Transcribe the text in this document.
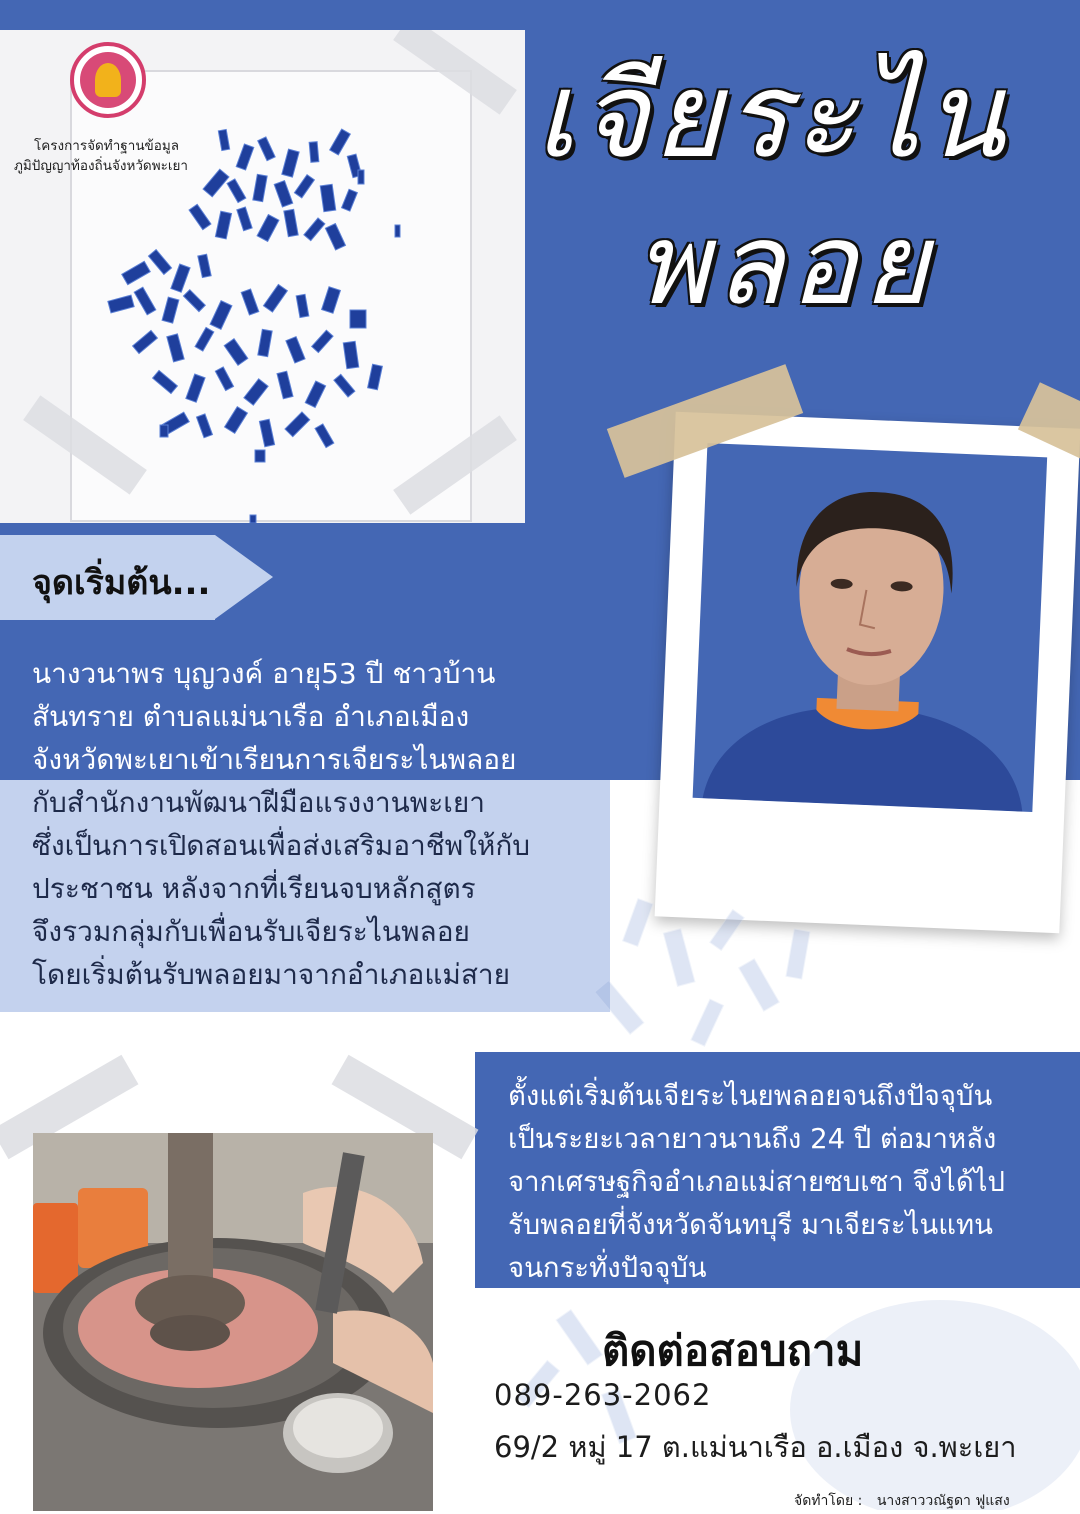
โครงการจัดทำฐานข้อมูล
ภูมิปัญญาท้องถิ่นจังหวัดพะเยา	เจียระไน
พลอย
จุดเริ่มต้น...
นางวนาพร บุญวงค์ อายุ53 ปี ชาวบ้าน
สันทราย ตำบลแม่นาเรือ อำเภอเมือง
จังหวัดพะเยาเข้าเรียนการเจียระไนพลอย
กับสำนักงานพัฒนาฝีมือแรงงานพะเยา
ซึ่งเป็นการเปิดสอนเพื่อส่งเสริมอาชีพให้กับ
ประชาชน หลังจากที่เรียนจบหลักสูตร
จึงรวมกลุ่มกับเพื่อนรับเจียระไนพลอย
โดยเริ่มต้นรับพลอยมาจากอำเภอแม่สาย
ตั้งแต่เริ่มต้นเจียระไนยพลอยจนถึงปัจจุบัน
เป็นระยะเวลายาวนานถึง 24 ปี ต่อมาหลัง
จากเศรษฐกิจอำเภอแม่สายซบเซา จึงได้ไป
รับพลอยที่จังหวัดจันทบุรี มาเจียระไนแทน
จนกระทั่งปัจจุบัน
ติดต่อสอบถาม
089-263-2062
69/2 หมู่ 17 ต.แม่นาเรือ อ.เมือง จ.พะเยา
จัดทำโดย : นางสาววณัฐดา ฟูแสง
